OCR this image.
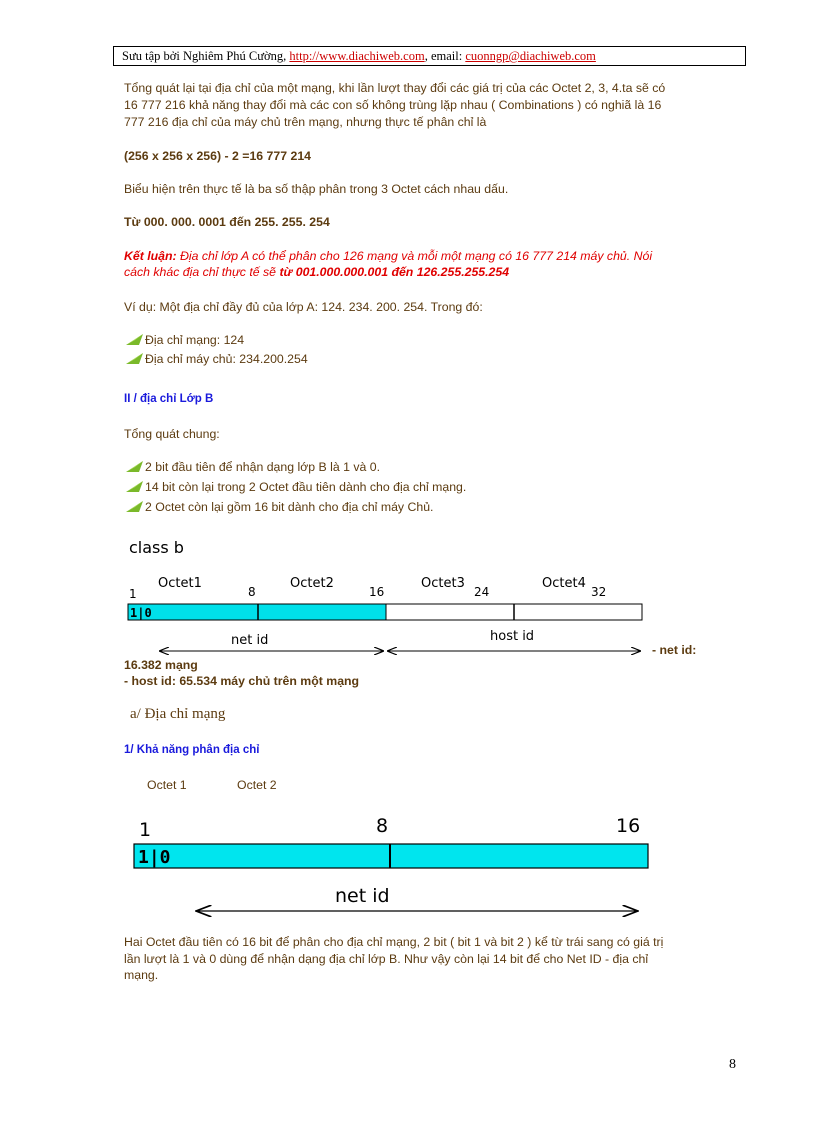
Sưu tập bởi Nghiêm Phú Cường, http://www.diachiweb.com, email: cuonngp@diachiweb.com
Tổng quát lại tại địa chỉ của một mạng, khi lần lượt thay đổi các giá trị của các Octet 2, 3, 4.ta sẽ có
16 777 216 khả năng thay đổi mà các con số không trùng lặp nhau ( Combinations ) có nghiã là 16
777 216 địa chỉ của máy chủ trên mạng, nhưng thực tế phân chỉ là
(256 x 256 x 256) - 2 =16 777 214
Biểu hiện trên thực tế là ba số thập phân trong 3 Octet cách nhau dấu.
Từ 000. 000. 0001 đến 255. 255. 254
Kết luận: Địa chỉ lớp A có thể phân cho 126 mạng và mỗi một mạng có 16 777 214 máy chủ. Nói
cách khác địa chỉ thực tế sẽ từ 001.000.000.001 đến 126.255.255.254
Ví dụ: Một địa chỉ đầy đủ của lớp A: 124. 234. 200. 254. Trong đó:
Địa chỉ mạng: 124
Địa chỉ máy chủ: 234.200.254
II / địa chỉ Lớp B
Tổng quát chung:
2 bit đầu tiên để nhận dạng lớp B là 1 và 0.
14 bit còn lại trong 2 Octet đầu tiên dành cho địa chỉ mạng.
2 Octet còn lại gồm 16 bit dành cho địa chỉ máy Chủ.
class b
Octet1	Octet2	Octet3	Octet4
1	8	16	24	32
1|0
net id	host id
- net id:
16.382 mạng
- host id: 65.534 máy chủ trên một mạng
a/ Địa chỉ mạng
1/ Khả năng phân địa chỉ
Octet 1	Octet 2
1	8	16
1|0
net id
Hai Octet đầu tiên có 16 bit để phân cho địa chỉ mạng, 2 bit ( bit 1 và bit 2 ) kể từ trái sang có giá trị
lần lượt là 1 và 0 dùng để nhận dạng địa chỉ lớp B. Như vậy còn lại 14 bit để cho Net ID - địa chỉ
mạng.
8
